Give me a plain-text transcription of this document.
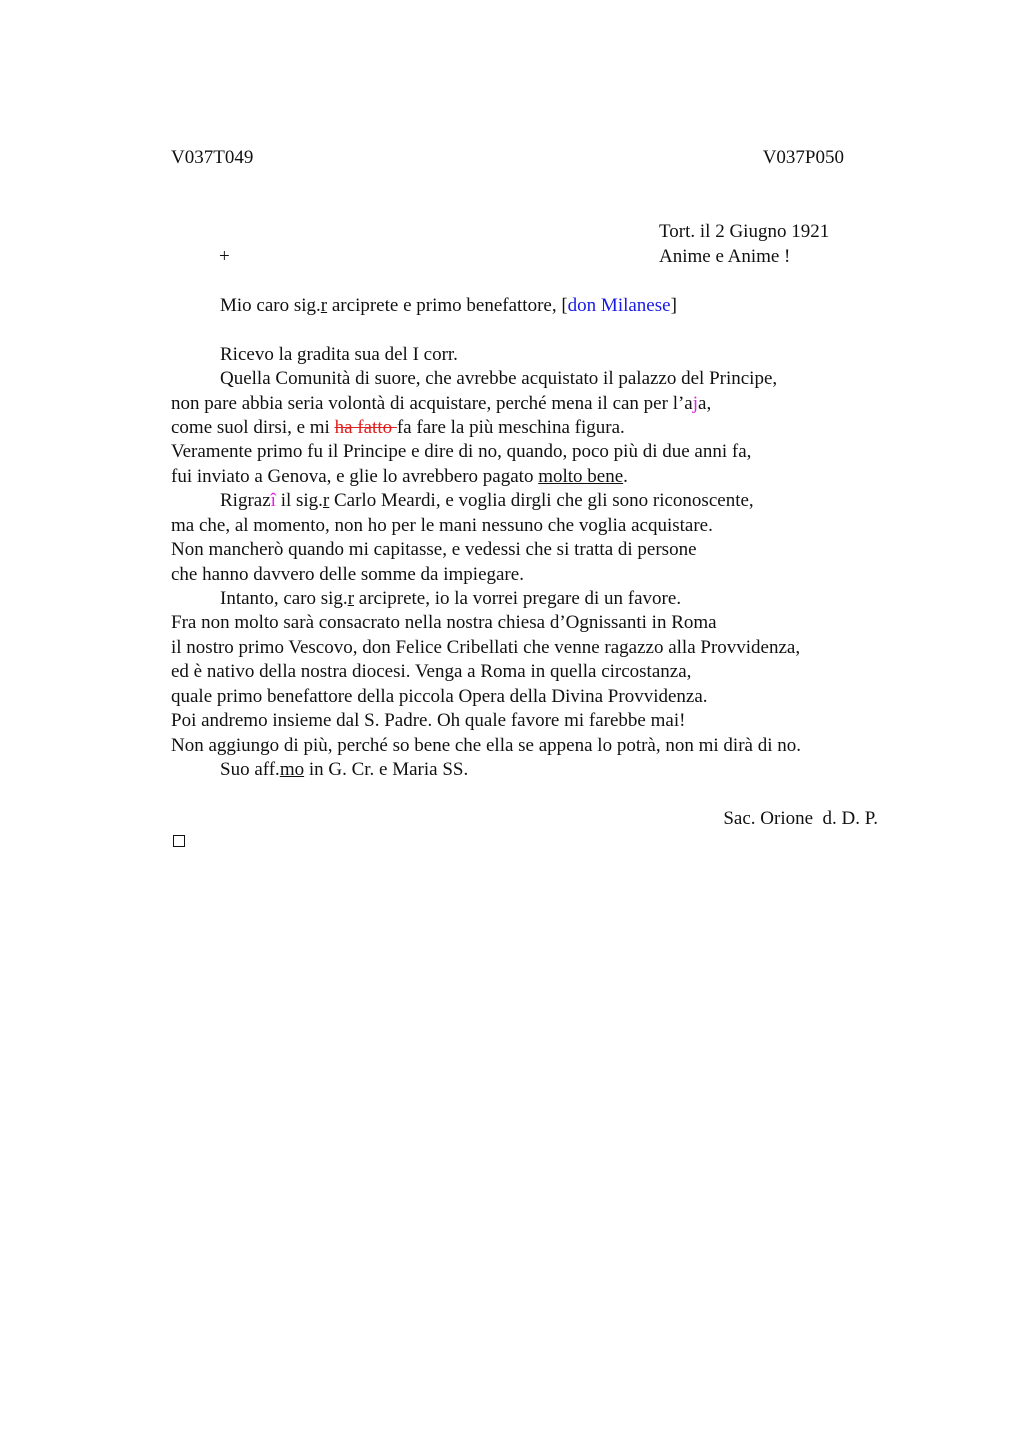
V037T049	V037P050
Tort. il 2 Giugno 1921
+	Anime e Anime !
Mio caro sig.r arciprete e primo benefattore, [don Milanese]
Ricevo la gradita sua del I corr.
Quella Comunità di suore, che avrebbe acquistato il palazzo del Principe,
non pare abbia seria volontà di acquistare, perché mena il can per l’aja,
come suol dirsi, e mi ha fatto fa fare la più meschina figura.
Veramente primo fu il Principe e dire di no, quando, poco più di due anni fa,
fui inviato a Genova, e glie lo avrebbero pagato molto bene.
Rigrazî il sig.r Carlo Meardi, e voglia dirgli che gli sono riconoscente,
ma che, al momento, non ho per le mani nessuno che voglia acquistare.
Non mancherò quando mi capitasse, e vedessi che si tratta di persone
che hanno davvero delle somme da impiegare.
Intanto, caro sig.r arciprete, io la vorrei pregare di un favore.
Fra non molto sarà consacrato nella nostra chiesa d’Ognissanti in Roma
il nostro primo Vescovo, don Felice Cribellati che venne ragazzo alla Provvidenza,
ed è nativo della nostra diocesi. Venga a Roma in quella circostanza,
quale primo benefattore della piccola Opera della Divina Provvidenza.
Poi andremo insieme dal S. Padre. Oh quale favore mi farebbe mai!
Non aggiungo di più, perché so bene che ella se appena lo potrà, non mi dirà di no.
Suo aff.mo in G. Cr. e Maria SS.
Sac. Orione  d. D. P.
